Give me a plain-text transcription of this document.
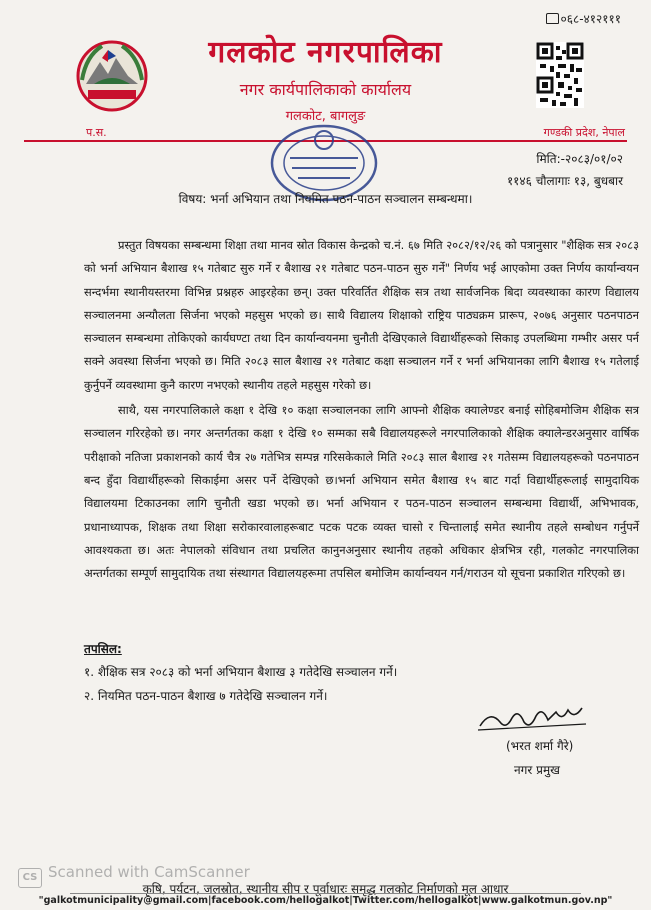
०६८-४१२१११
गलकोट नगरपालिका
नगर कार्यपालिकाको कार्यालय
गलकोट, बागलुङ
प.स.	गण्डकी प्रदेश, नेपाल
मिति:-२०८३/०१/०२
११४६ चौलागाः १३, बुधबार
विषय: भर्ना अभियान तथा नियमित पठन-पाठन सञ्चालन सम्बन्धमा।

प्रस्तुत विषयका सम्बन्धमा शिक्षा तथा मानव स्रोत विकास केन्द्रको च.नं. ६७ मिति २०८२/१२/२६ को पत्रानुसार "शैक्षिक सत्र २०८३ को भर्ना अभियान बैशाख १५ गतेबाट सुरु गर्ने र बैशाख २१ गतेबाट पठन-पाठन सुरु गर्ने" निर्णय भई आएकोमा उक्त निर्णय कार्यान्वयन सन्दर्भमा स्थानीयस्तरमा विभिन्न प्रश्नहरु आइरहेका छन्। उक्त परिवर्तित शैक्षिक सत्र तथा सार्वजनिक बिदा व्यवस्थाका कारण विद्यालय सञ्चालनमा अन्यौलता सिर्जना भएको महसुस भएको छ। साथै विद्यालय शिक्षाको राष्ट्रिय पाठ्यक्रम प्रारूप, २०७६ अनुसार पठनपाठन सञ्चालन सम्बन्धमा तोकिएको कार्यघण्टा तथा दिन कार्यान्वयनमा चुनौती देखिएकाले विद्यार्थीहरूको सिकाइ उपलब्धिमा गम्भीर असर पर्न सक्ने अवस्था सिर्जना भएको छ। मिति २०८३ साल बैशाख २१ गतेबाट कक्षा सञ्चालन गर्ने र भर्ना अभियानका लागि बैशाख १५ गतेलाई कुर्नुपर्ने व्यवस्थामा कुनै कारण नभएको स्थानीय तहले महसुस गरेको छ।

साथै, यस नगरपालिकाले कक्षा १ देखि १० कक्षा सञ्चालनका लागि आफ्नो शैक्षिक क्यालेण्डर बनाई सोहिबमोजिम शैक्षिक सत्र सञ्चालन गरिरहेको छ। नगर अन्तर्गतका कक्षा १ देखि १० सम्मका सबै विद्यालयहरूले नगरपालिकाको शैक्षिक क्यालेन्डरअनुसार वार्षिक परीक्षाको नतिजा प्रकाशनको कार्य चैत्र २७ गतेभित्र सम्पन्न गरिसकेकाले मिति २०८३ साल बैशाख २१ गतेसम्म विद्यालयहरूको पठनपाठन बन्द हुँदा विद्यार्थीहरूको सिकाईमा असर पर्ने देखिएको छ।भर्ना अभियान समेत बैशाख १५ बाट गर्दा विद्यार्थीहरूलाई सामुदायिक विद्यालयमा टिकाउनका लागि चुनौती खडा भएको छ। भर्ना अभियान र पठन-पाठन सञ्चालन सम्बन्धमा विद्यार्थी, अभिभावक, प्रधानाध्यापक, शिक्षक तथा शिक्षा सरोकारवालाहरूबाट पटक पटक व्यक्त चासो र चिन्तालाई समेत स्थानीय तहले सम्बोधन गर्नुपर्ने आवश्यकता छ। अतः नेपालको संविधान तथा प्रचलित कानुनअनुसार स्थानीय तहको अधिकार क्षेत्रभित्र रही, गलकोट नगरपालिका अन्तर्गतका सम्पूर्ण सामुदायिक तथा संस्थागत विद्यालयहरूमा तपसिल बमोजिम कार्यान्वयन गर्न/गराउन यो सूचना प्रकाशित गरिएको छ।

तपसिल:
१. शैक्षिक सत्र २०८३ को भर्ना अभियान बैशाख ३ गतेदेखि सञ्चालन गर्ने।
२. नियमित पठन-पाठन बैशाख ७ गतेदेखि सञ्चालन गर्ने।
(भरत शर्मा गैरे)
नगर प्रमुख
CS Scanned with CamScanner
कृषि, पर्यटन, जलस्रोत, स्थानीय सीप र पूर्वाधारः समृद्ध गलकोट निर्माणको मूल आधार
"galkotmunicipality@gmail.com|facebook.com/hellogalkot|Twitter.com/hellogalkot|www.galkotmun.gov.np"
